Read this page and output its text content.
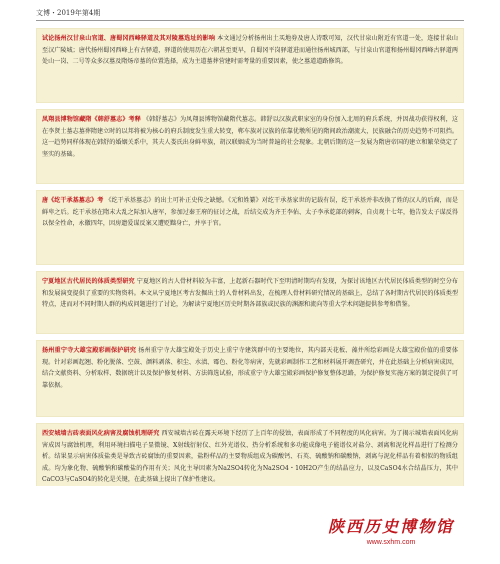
文博・2019年第4期
试论扬州汉甘泉山官道、唐蜀冈西峰驿道及其对陵墓选址的影响 本文通过分析扬州出土买地券及唐人诗歌可知，汉代甘泉山附近有官道一处，连接甘泉山至汉广陵城；唐代扬州蜀冈西峰上有古驿道，驿道的使用历在六朝甚至更早，自蜀冈平岗驿道进而通往扬州城西部，与甘泉山官道和扬州蜀冈西峰古驿道两处山一岗、二号等众多汉墓及隋炀帝墓的位置选择，成为主道墓葬营建时需考量的重要因素，使之墓道道路修筑。
凤翔县博物馆藏隋《韩舒墓志》考释 《韩舒墓志》为凤翔县博物馆藏隋代墓志。韩舒以汉族武职家室的身份加入北周的府兵系统，并因战功获得权利，这在李贤土墓志墓葬隋建立时的以邦将被为核心的府兵制度发生重大转变，郸车族对汉族的依靠优墩所见的隋间政治潮流大，民族融合的历史趋势不可阻挡。这一趋势同样体现在韩舒的婚姻关系中，其夫人娄氏出身鲜卑族，胡汉联姻成为当时普遍的社会现象。北朝后期的这一发展为隋唐帝国的建立和繁荣奠定了坚实的基础。
唐《纥干承基墓志》考 《纥干承基墓志》的出土可补正史传之缺憾。《元和姓纂》对纥干承基家世的记载有误，纥干承基并非改换了姓的汉人的后裔，而是鲜卑之后。纥干承基在隋末大乱之际加入唐军，参加过秦王府的征讨之战，后结交成为齐王李佑、太子李承乾部的刺客，自贞观十七年，他告发太子谋反得以保全性命，永徽四年，因房遗爱谋反案又遭贬黜身亡，并享于官。
宁夏地区古代居民的体质类型研究 宁夏地区的古人骨材料较为丰富，上起新石器时代下至明清时期均有发现，为探讨该地区古代居民体质类型的时空分布和发展演变提供了重要的实物资料。本文从宁夏地区考古发掘出土的人骨材料出发，在梳理人骨材料研究情况的基础上，总结了各时期古代居民的体质类型特点，进而对不同时期人群的构成问题进行了讨论，为解读宁夏地区历史时期各部族或民族的渊源和流向等重大学术问题提供参考和借鉴。
扬州重宁寺大雄宝殿彩画保护研究 扬州重宁寺大雄宝殿处于历史上重宁寺建筑群中的主要地位，其内部天花板、藻井所绘彩画是大雄宝殿价值的重要体现。针对彩画起翘、粉化脱落、空鼓、颜料剥落、积尘、水渍、霉色、粉化等病害，先就彩画制作工艺和材料展开调查研究，并在此基础上分析病害成因，结合文献资料、分析取样、数据统计以及保护修复材料、方法筛选试验，形成重宁寺大雄宝殿彩画保护修复整体思路，为保护修复实施方案的制定提供了可靠依据。
西安城墙古砖表面风化病害及腐蚀机理研究 西安城墙古砖在露天环境下经历了上百年的侵蚀，表面形成了不同程度的风化病害。为了揭示城墙表面风化病害成因与腐蚀机理，利用环境扫描电子显微镜、X射线衍射仪、红外光谱仪、热分析系统和多功能成像电子能谱仪对盐分、剥离和泥化样品进行了检测分析。结果显示病害体质盐类是导致古砖腐蚀的重要因素，盐粉样品的主要物质组成为碳酸钙、石英、硫酸钠和碳酸钠，剥离与泥化样品有着相似的物质组成。均为象化物、硫酸钠和碳酸盐的作用有关；风化主导因素为Na2SO4转化为Na2SO4・10H2O产生的结晶应力，以及CaSO4水合结晶压力，其中CaCO3与CaSO4的转化是关键，在此基础上提出了保护性建议。
陕西历史博物馆
www.sxhm.com
